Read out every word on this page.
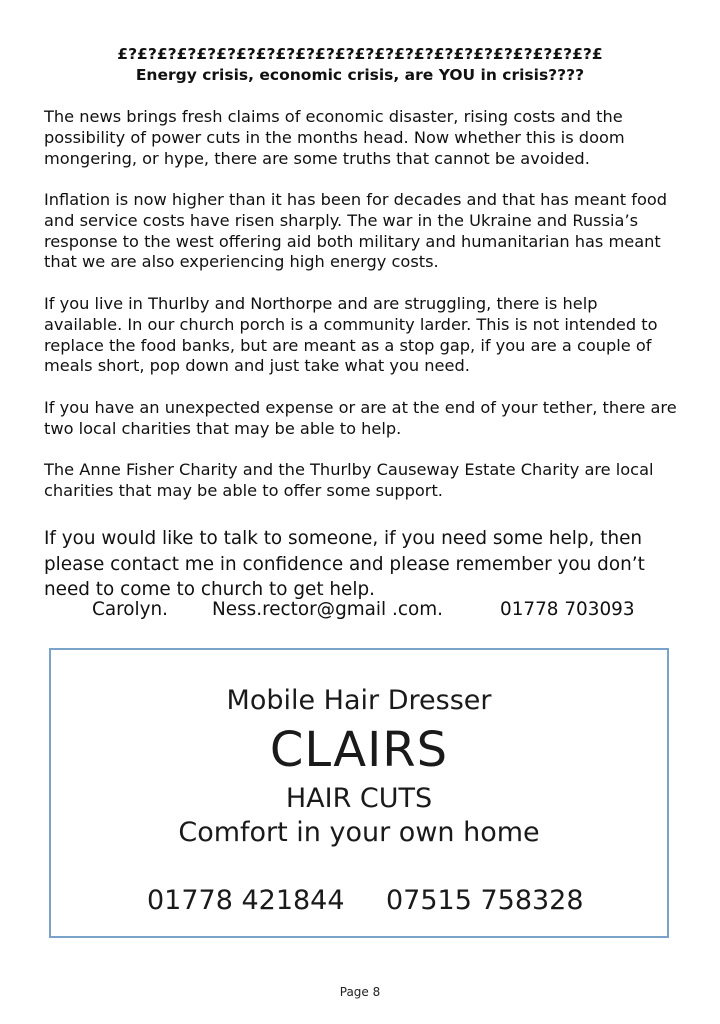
£?£?£?£?£?£?£?£?£?£?£?£?£?£?£?£?£?£?£?£?£?£?£?£?£
Energy crisis, economic crisis, are YOU in crisis????
The news brings fresh claims of economic disaster, rising costs and the possibility of power cuts in the months head. Now whether this is doom mongering, or hype, there are some truths that cannot be avoided.
Inflation is now higher than it has been for decades and that has meant food and service costs have risen sharply. The war in the Ukraine and Russia’s response to the west offering aid both military and humanitarian has meant that we are also experiencing high energy costs.
If you live in Thurlby and Northorpe and are struggling, there is help available. In our church porch is a community larder. This is not intended to replace the food banks, but are meant as a stop gap, if you are a couple of meals short, pop down and just take what you need.
If you have an unexpected expense or are at the end of your tether, there are two local charities that may be able to help.
The Anne Fisher Charity and the Thurlby Causeway Estate Charity are local charities that may be able to offer some support.
If you would like to talk to someone, if you need some help, then please contact me in confidence and please remember you don’t need to come to church to get help.
Carolyn. Ness.rector@gmail .com.	01778 703093
Mobile Hair Dresser
CLAIRS
HAIR CUTS
Comfort in your own home
01778 421844 07515 758328
Page 8
